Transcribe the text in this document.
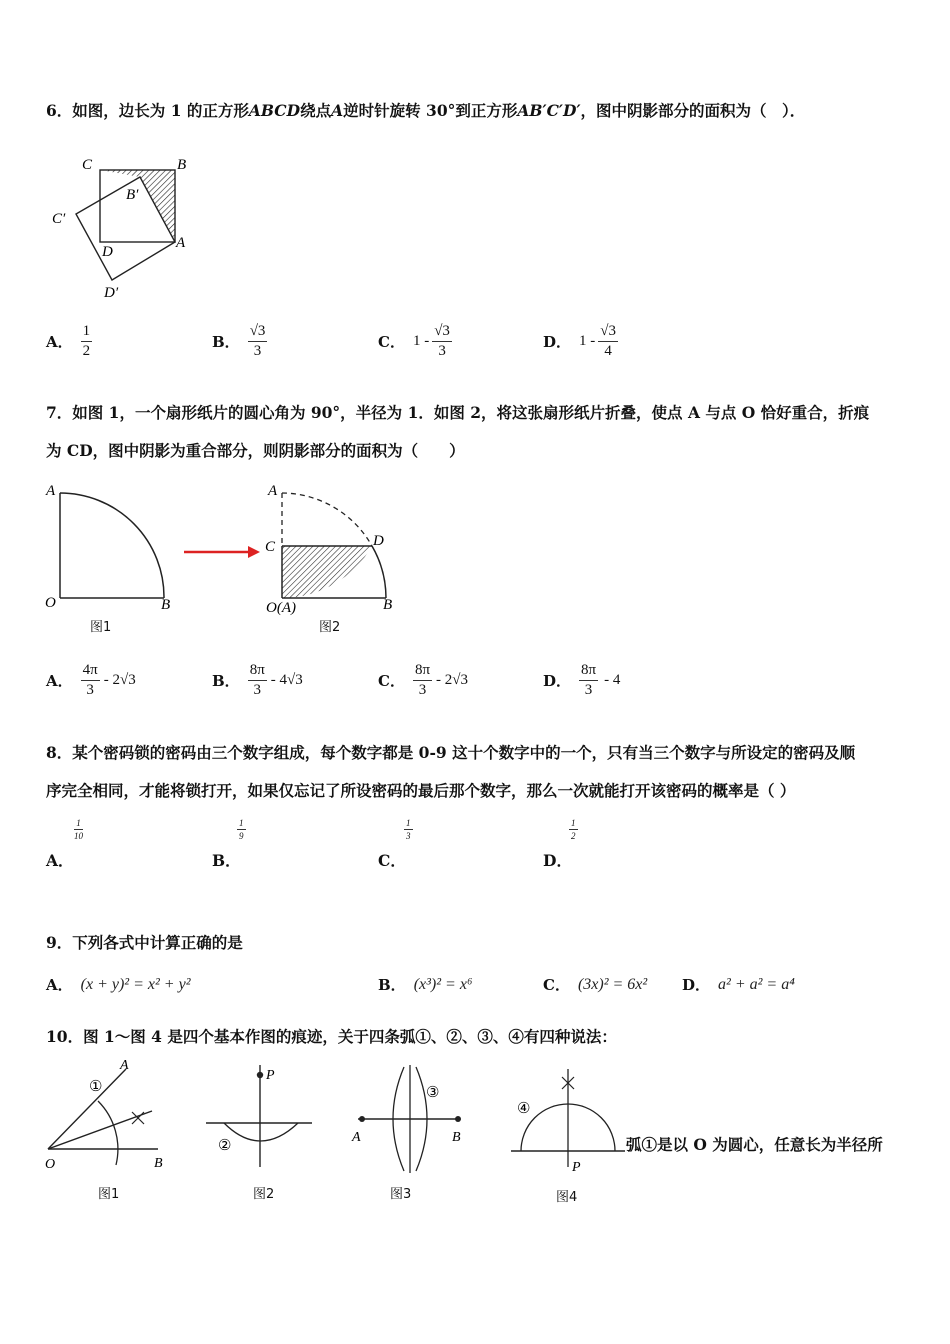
6．如图，边长为 1 的正方形ABCD绕点A逆时针旋转 30°到正方形AB′C′D′，图中阴影部分的面积为（　）．
C	B
B′
C′
D
A
D′
A． $\frac{1}{2}$	B． $\frac{√3}{3}$	C． $1 - \frac{√3}{3}$	D． $1 - \frac{√3}{4}$
7．如图 1，一个扇形纸片的圆心角为 90°，半径为 1．如图 2，将这张扇形纸片折叠，使点 A 与点 O 恰好重合，折痕
为 CD，图中阴影为重合部分，则阴影部分的面积为（　　）
A
O	B
图1
A
C	D
O(A)	B
图2
A． $\frac{4\pi}{3} - 2√3$	B． $\frac{8\pi}{3} - 4√3$	C． $\frac{8\pi}{3} - 2√3$	D． $\frac{8\pi}{3} - 4$
8．某个密码锁的密码由三个数字组成，每个数字都是 0-9 这十个数字中的一个，只有当三个数字与所设定的密码及顺
序完全相同，才能将锁打开，如果仅忘记了所设密码的最后那个数字，那么一次就能打开该密码的概率是（ ）
$\frac{1}{10}$
A．
$\frac{1}{9}$
B．
$\frac{1}{3}$
C．
$\frac{1}{2}$
D．
9．下列各式中计算正确的是
A． (x + y)² = x² + y²	B． (x³)² = x⁶	C． (3x)² = 6x² D． a² + a² = a⁴
10．图 1～图 4 是四个基本作图的痕迹，关于四条弧①、②、③、④有四种说法：
A
①
O	B
图1
P
②
图2
③
A	B
图3
④
P
图4
弧①是以 O 为圆心，任意长为半径所
